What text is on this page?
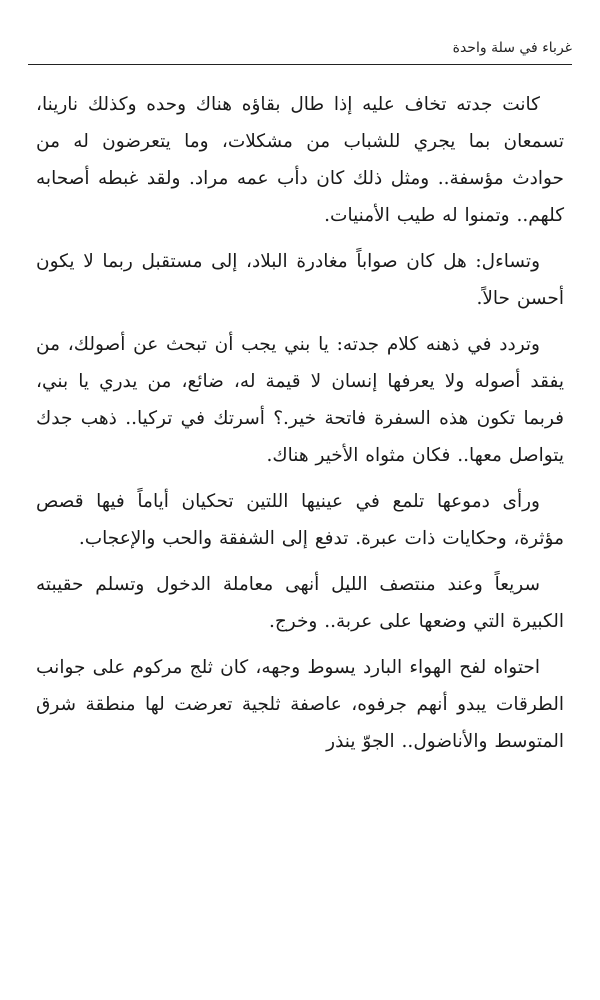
غرباء في سلة واحدة

كانت جدته تخاف عليه إذا طال بقاؤه هناك وحده وكذلك نارينا، تسمعان بما يجري للشباب من مشكلات، وما يتعرضون له من حوادث مؤسفة.. ومثل ذلك كان دأب عمه مراد. ولقد غبطه أصحابه كلهم.. وتمنوا له طيب الأمنيات.

وتساءل: هل كان صواباً مغادرة البلاد، إلى مستقبل ربما لا يكون أحسن حالاً.

وتردد في ذهنه كلام جدته: يا بني يجب أن تبحث عن أصولك، من يفقد أصوله ولا يعرفها إنسان لا قيمة له، ضائع، من يدري يا بني، فربما تكون هذه السفرة فاتحة خير.؟ أسرتك في تركيا.. ذهب جدك يتواصل معها.. فكان مثواه الأخير هناك.

ورأى دموعها تلمع في عينيها اللتين تحكيان أياماً فيها قصص مؤثرة، وحكايات ذات عبرة. تدفع إلى الشفقة والحب والإعجاب.

سريعاً وعند منتصف الليل أنهى معاملة الدخول وتسلم حقيبته الكبيرة التي وضعها على عربة.. وخرج.

احتواه لفح الهواء البارد يسوط وجهه، كان ثلج مركوم على جوانب الطرقات يبدو أنهم جرفوه، عاصفة ثلجية تعرضت لها منطقة شرق المتوسط والأناضول.. الجوّ ينذر
